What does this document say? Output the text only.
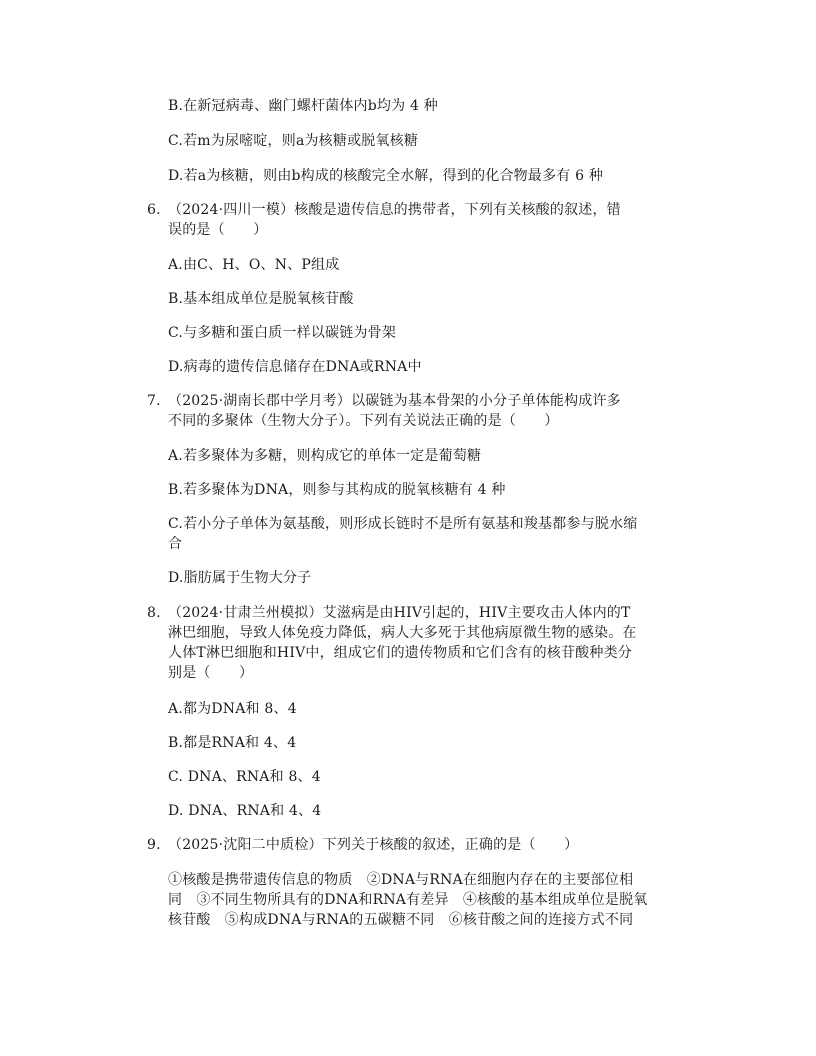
B.在新冠病毒、幽门螺杆菌体内b均为 4 种
C.若m为尿嘧啶，则a为核糖或脱氧核糖
D.若a为核糖，则由b构成的核酸完全水解，得到的化合物最多有 6 种
6. （2024·四川一模）核酸是遗传信息的携带者，下列有关核酸的叙述，错
误的是（　　）
A.由C、H、O、N、P组成
B.基本组成单位是脱氧核苷酸
C.与多糖和蛋白质一样以碳链为骨架
D.病毒的遗传信息储存在DNA或RNA中
7. （2025·湖南长郡中学月考）以碳链为基本骨架的小分子单体能构成许多
不同的多聚体（生物大分子）。下列有关说法正确的是（　　）
A.若多聚体为多糖，则构成它的单体一定是葡萄糖
B.若多聚体为DNA，则参与其构成的脱氧核糖有 4 种
C.若小分子单体为氨基酸，则形成长链时不是所有氨基和羧基都参与脱水缩
合
D.脂肪属于生物大分子
8. （2024·甘肃兰州模拟）艾滋病是由HIV引起的，HIV主要攻击人体内的T
淋巴细胞，导致人体免疫力降低，病人大多死于其他病原微生物的感染。在
人体T淋巴细胞和HIV中，组成它们的遗传物质和它们含有的核苷酸种类分
别是（　　）
A.都为DNA和 8、4
B.都是RNA和 4、4
C. DNA、RNA和 8、4
D. DNA、RNA和 4、4
9. （2025·沈阳二中质检）下列关于核酸的叙述，正确的是（　　）
①核酸是携带遗传信息的物质　②DNA与RNA在细胞内存在的主要部位相
同　③不同生物所具有的DNA和RNA有差异　④核酸的基本组成单位是脱氧
核苷酸　⑤构成DNA与RNA的五碳糖不同　⑥核苷酸之间的连接方式不同
